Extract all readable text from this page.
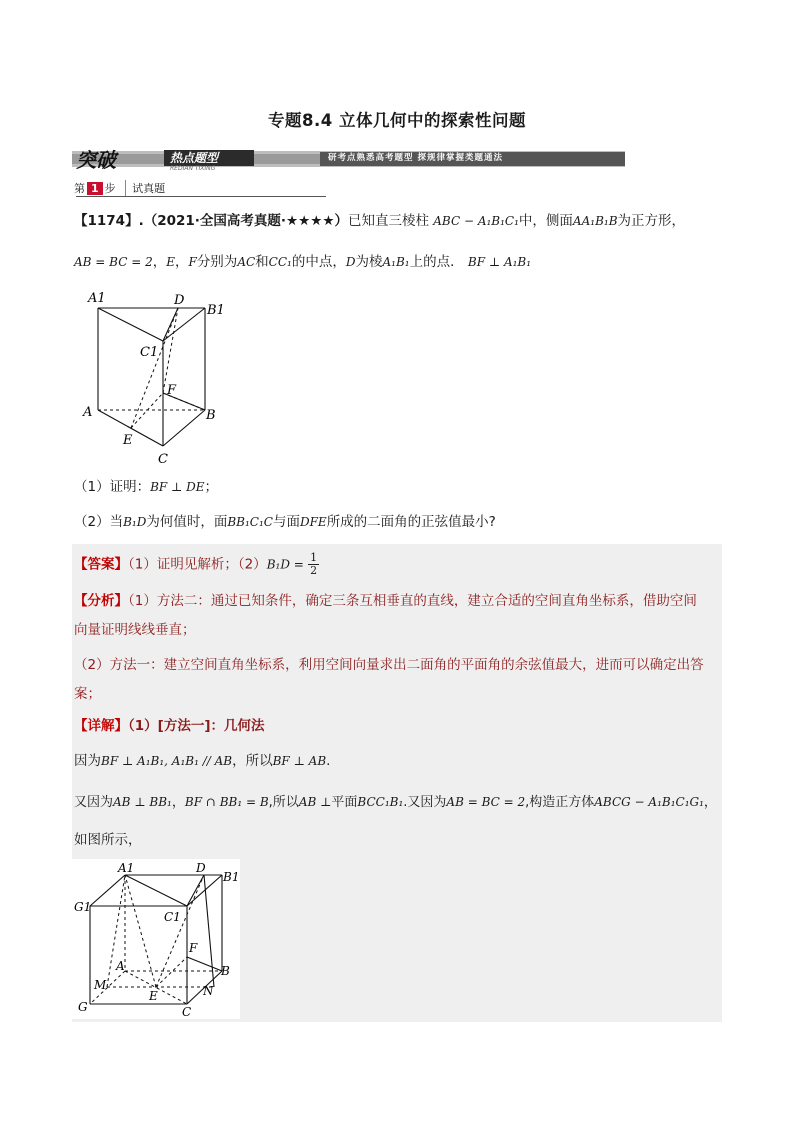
专题8.4 立体几何中的探索性问题
突破	热点题型
REDIAN TIXING
研考点熟悉高考题型 探规律掌握类题通法
第 1 步 试真题
【1174】.（2021·全国高考真题·★★★★）已知直三棱柱 ABC − A₁B₁C₁中，侧面AA₁B₁B为正方形，
AB = BC = 2，E，F分别为AC和CC₁的中点，D为棱A₁B₁上的点． BF ⊥ A₁B₁
A1	D
B1
C1
F
A	B
E
C
（1）证明：BF ⊥ DE；
（2）当B₁D为何值时，面BB₁C₁C与面DFE所成的二面角的正弦值最小?
【答案】（1）证明见解析；$(2)B_1D = \frac{1}{2}$
【分析】（1）方法二：通过已知条件，确定三条互相垂直的直线，建立合适的空间直角坐标系，借助空间
向量证明线线垂直；
（2）方法一：建立空间直角坐标系，利用空间向量求出二面角的平面角的余弦值最大，进而可以确定出答
案；
【详解】（1）[方法一]：几何法
因为BF ⊥ A₁B₁, A₁B₁ // AB，所以BF ⊥ AB.
又因为AB ⊥ BB₁，BF ∩ BB₁ = B,所以AB ⊥平面BCC₁B₁.又因为AB = BC = 2,构造正方体ABCG − A₁B₁C₁G₁，
如图所示，
A1	D
B1
G1
C1
F
A	B
M
E	N
G	C
